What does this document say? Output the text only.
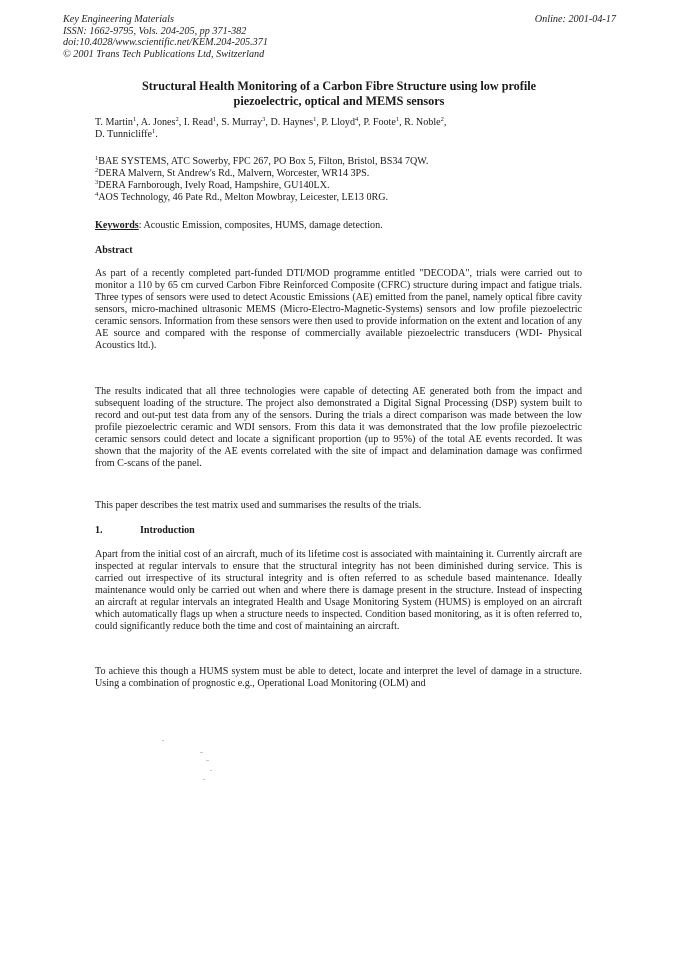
Key Engineering Materials
ISSN: 1662-9795, Vols. 204-205, pp 371-382
doi:10.4028/www.scientific.net/KEM.204-205.371
© 2001 Trans Tech Publications Ltd, Switzerland
Online: 2001-04-17
Structural Health Monitoring of a Carbon Fibre Structure using low profile
piezoelectric, optical and MEMS sensors
T. Martin$^1$, A. Jones$^2$, I. Read$^1$, S. Murray$^3$, D. Haynes$^1$, P. Lloyd$^4$, P. Foote$^1$, R. Noble$^2$,
D. Tunnicliffe$^1$.
$^1$BAE SYSTEMS, ATC Sowerby, FPC 267, PO Box 5, Filton, Bristol, BS34 7QW.
$^2$DERA Malvern, St Andrew's Rd., Malvern, Worcester, WR14 3PS.
$^3$DERA Farnborough, Ively Road, Hampshire, GU140LX.
$^4$AOS Technology, 46 Pate Rd., Melton Mowbray, Leicester, LE13 0RG.
Keywords: Acoustic Emission, composites, HUMS, damage detection.
Abstract
As part of a recently completed part-funded DTI/MOD programme entitled "DECODA", trials were carried out to monitor a 110 by 65 cm curved Carbon Fibre Reinforced Composite (CFRC) structure during impact and fatigue trials. Three types of sensors were used to detect Acoustic Emissions (AE) emitted from the panel, namely optical fibre cavity sensors, micro-machined ultrasonic MEMS (Micro-Electro-Magnetic-Systems) sensors and low profile piezoelectric ceramic sensors. Information from these sensors were then used to provide information on the extent and location of any AE source and compared with the response of commercially available piezoelectric transducers (WDI- Physical Acoustics ltd.).
The results indicated that all three technologies were capable of detecting AE generated both from the impact and subsequent loading of the structure. The project also demonstrated a Digital Signal Processing (DSP) system built to record and out-put test data from any of the sensors. During the trials a direct comparison was made between the low profile piezoelectric ceramic and WDI sensors. From this data it was demonstrated that the low profile piezoelectric ceramic sensors could detect and locate a significant proportion (up to 95%) of the total AE events recorded. It was shown that the majority of the AE events correlated with the site of impact and delamination damage was confirmed from C-scans of the panel.
This paper describes the test matrix used and summarises the results of the trials.
1.	Introduction
Apart from the initial cost of an aircraft, much of its lifetime cost is associated with maintaining it. Currently aircraft are inspected at regular intervals to ensure that the structural integrity has not been diminished during service. This is carried out irrespective of its structural integrity and is often referred to as schedule based maintenance. Ideally maintenance would only be carried out when and where there is damage present in the structure. Instead of inspecting an aircraft at regular intervals an integrated Health and Usage Monitoring System (HUMS) is employed on an aircraft which automatically flags up when a structure needs to inspected. Condition based monitoring, as it is often referred to, could significantly reduce both the time and cost of maintaining an aircraft.
To achieve this though a HUMS system must be able to detect, locate and interpret the level of damage in a structure. Using a combination of prognostic e.g., Operational Load Monitoring (OLM) and
